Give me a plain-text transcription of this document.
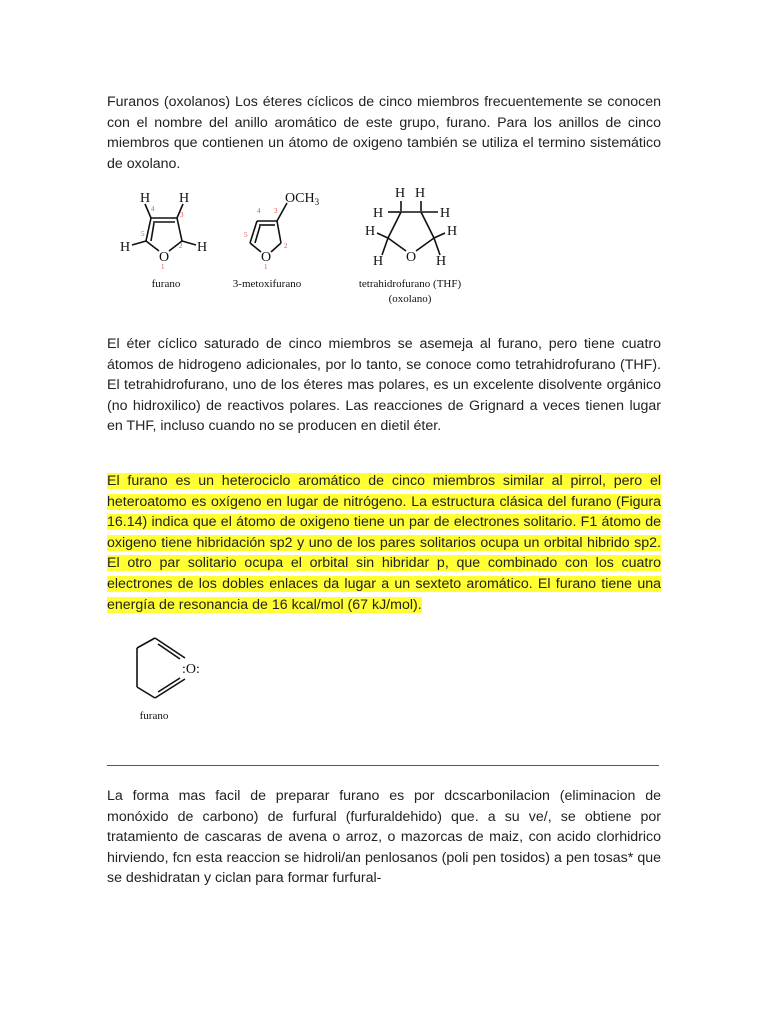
Furanos (oxolanos) Los éteres cíclicos de cinco miembros frecuentemente se conocen con el nombre del anillo aromático de este grupo, furano. Para los anillos de cinco miembros que contienen un átomo de oxigeno también se utiliza el termino sistemático de oxolano.

H H
H	H
O
$OCH_3$
O
H H
H	H
H	H
H	H
O
1
2
3
4
5
1
2
3
4
5
furano	3-metoxifurano	tetrahidrofurano (THF)
(oxolano)

El éter cíclico saturado de cinco miembros se asemeja al furano, pero tiene cuatro átomos de hidrogeno adicionales, por lo tanto, se conoce como tetrahidrofurano (THF). El tetrahidrofurano, uno de los éteres mas polares, es un excelente disolvente orgánico (no hidroxilico) de reactivos polares. Las reacciones de Grignard a veces tienen lugar en THF, incluso cuando no se producen en dietil éter.

El furano es un heterociclo aromático de cinco miembros similar al pirrol, pero el heteroatomo es oxígeno en lugar de nitrógeno. La estructura clásica del furano (Figura 16.14) indica que el átomo de oxigeno tiene un par de electrones solitario. F1 átomo de oxigeno tiene hibridación sp2 y uno de los pares solitarios ocupa un orbital hibrido sp2. El otro par solitario ocupa el orbital sin hibridar p, que combinado con los cuatro electrones de los dobles enlaces da lugar a un sexteto aromático. El furano tiene una energía de resonancia de 16 kcal/mol (67 kJ/mol).

:O:
furano

La forma mas facil de preparar furano es por dcscarbonilacion (eliminacion de monóxido de carbono) de furfural (furfuraldehido) que. a su ve/, se obtiene por tratamiento de cascaras de avena o arroz, o mazorcas de maiz, con acido clorhidrico hirviendo, fcn esta reaccion se hidroli/an penlosanos (poli pen tosidos) a pen tosas* que se deshidratan y ciclan para formar furfural-
